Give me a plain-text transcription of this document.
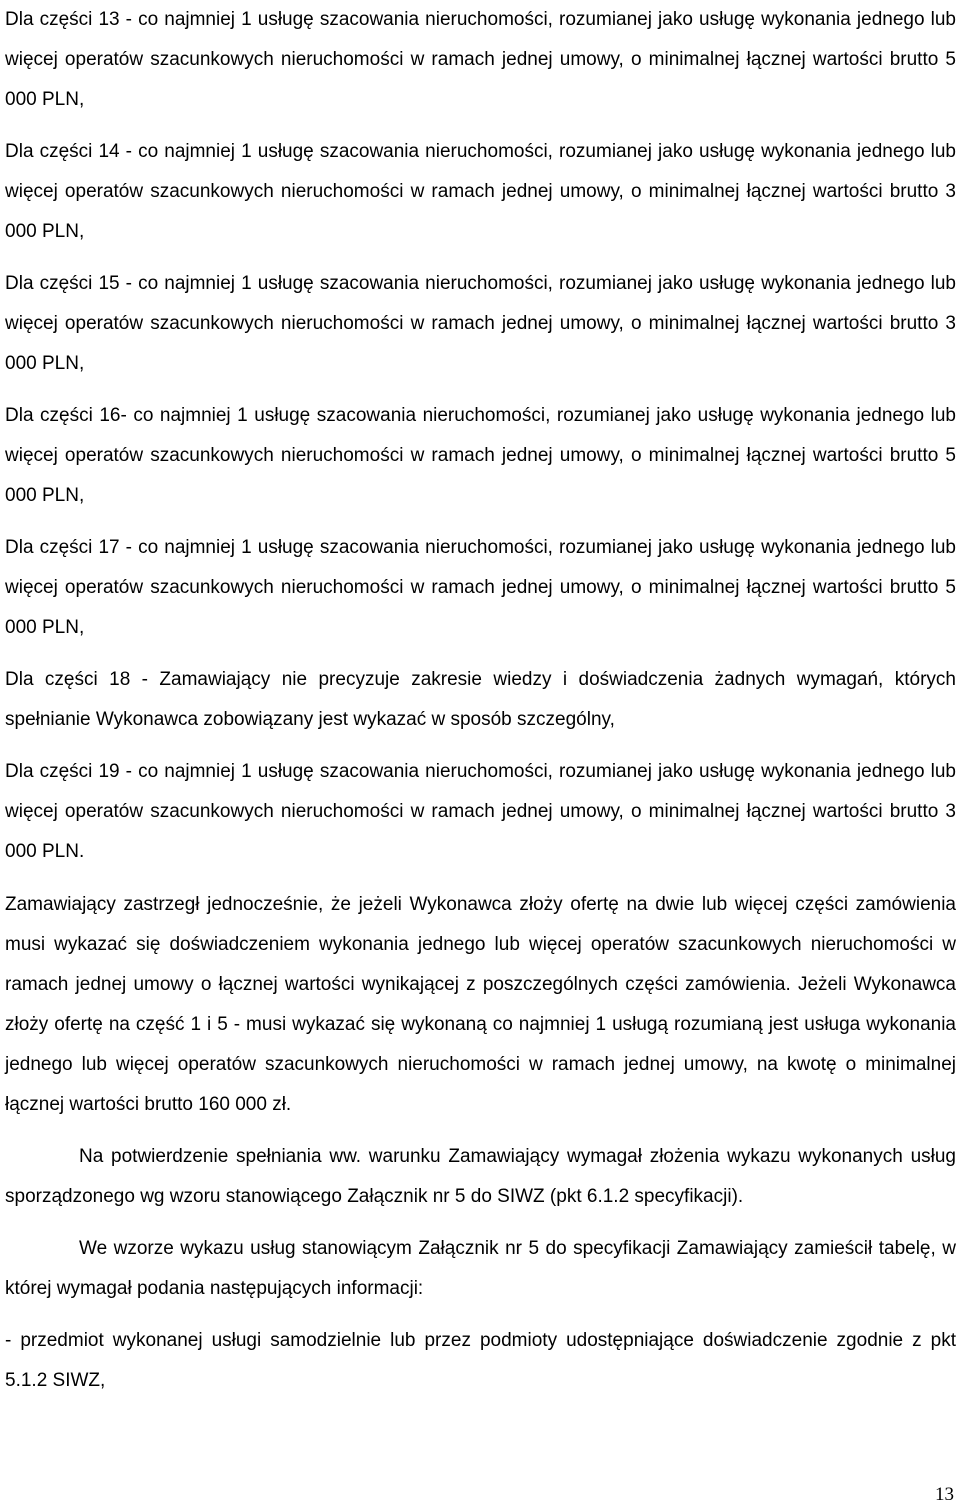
Dla części 13 - co najmniej 1 usługę szacowania nieruchomości, rozumianej jako usługę wykonania jednego lub więcej operatów szacunkowych nieruchomości w ramach jednej umowy, o minimalnej łącznej wartości brutto 5 000 PLN,

Dla części 14 - co najmniej 1 usługę szacowania nieruchomości, rozumianej jako usługę wykonania jednego lub więcej operatów szacunkowych nieruchomości w ramach jednej umowy, o minimalnej łącznej wartości brutto 3 000 PLN,

Dla części 15 - co najmniej 1 usługę szacowania nieruchomości, rozumianej jako usługę wykonania jednego lub więcej operatów szacunkowych nieruchomości w ramach jednej umowy, o minimalnej łącznej wartości brutto 3 000 PLN,

Dla części 16- co najmniej 1 usługę szacowania nieruchomości, rozumianej jako usługę wykonania jednego lub więcej operatów szacunkowych nieruchomości w ramach jednej umowy, o minimalnej łącznej wartości brutto 5 000 PLN,

Dla części 17 - co najmniej 1 usługę szacowania nieruchomości, rozumianej jako usługę wykonania jednego lub więcej operatów szacunkowych nieruchomości w ramach jednej umowy, o minimalnej łącznej wartości brutto 5 000 PLN,

Dla części 18 - Zamawiający nie precyzuje zakresie wiedzy i doświadczenia żadnych wymagań, których spełnianie Wykonawca zobowiązany jest wykazać w sposób szczególny,

Dla części 19 - co najmniej 1 usługę szacowania nieruchomości, rozumianej jako usługę wykonania jednego lub więcej operatów szacunkowych nieruchomości w ramach jednej umowy, o minimalnej łącznej wartości brutto 3 000 PLN.

Zamawiający zastrzegł jednocześnie, że jeżeli Wykonawca złoży ofertę na dwie lub więcej części zamówienia musi wykazać się doświadczeniem wykonania jednego lub więcej operatów szacunkowych nieruchomości w ramach jednej umowy o łącznej wartości wynikającej z poszczególnych części zamówienia. Jeżeli Wykonawca złoży ofertę na część 1 i 5 - musi wykazać się wykonaną co najmniej 1 usługą rozumianą jest usługa wykonania jednego lub więcej operatów szacunkowych nieruchomości w ramach jednej umowy, na kwotę o minimalnej łącznej wartości brutto 160 000 zł.

Na potwierdzenie spełniania ww. warunku Zamawiający wymagał złożenia wykazu wykonanych usług sporządzonego wg wzoru stanowiącego Załącznik nr 5 do SIWZ (pkt 6.1.2 specyfikacji).

We wzorze wykazu usług stanowiącym Załącznik nr 5 do specyfikacji Zamawiający zamieścił tabelę, w której wymagał podania następujących informacji:

- przedmiot wykonanej usługi samodzielnie lub przez podmioty udostępniające doświadczenie zgodnie z pkt 5.1.2 SIWZ,

13
